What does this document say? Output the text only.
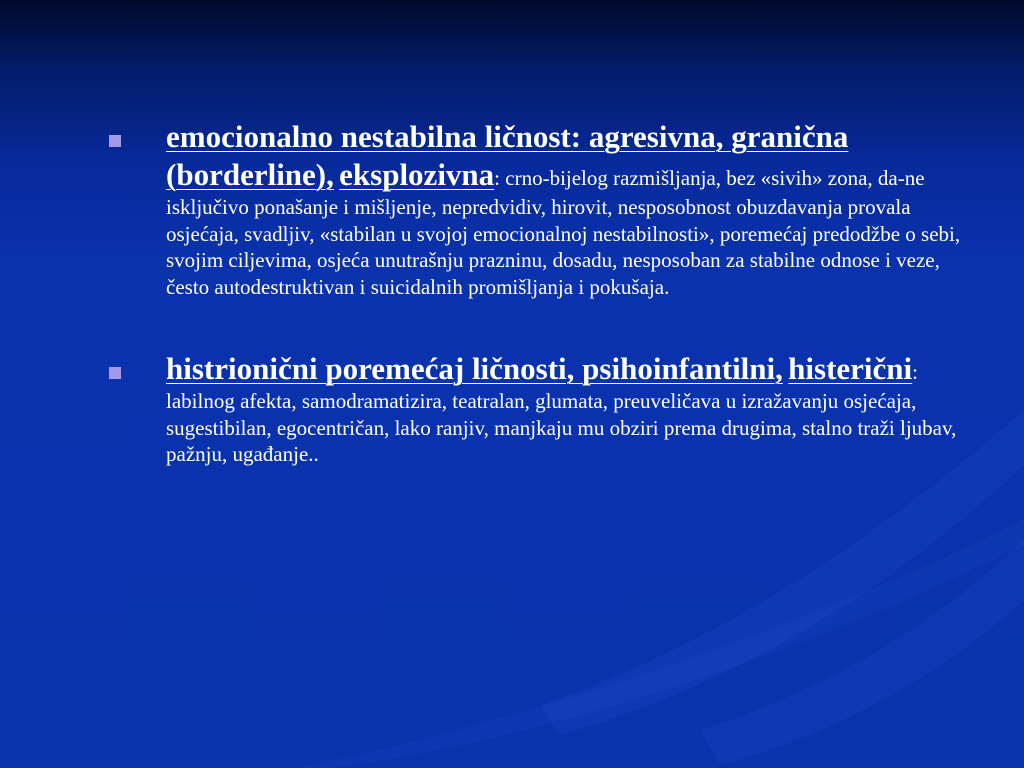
emocionalno nestabilna ličnost: agresivna, granična (borderline), eksplozivna: crno-bijelog razmišljanja, bez «sivih» zona, da-ne isključivo ponašanje i mišljenje, nepredvidiv, hirovit, nesposobnost obuzdavanja provala osjećaja, svadljiv, «stabilan u svojoj emocionalnoj nestabilnosti», poremećaj predodžbe o sebi, svojim ciljevima, osjeća unutrašnju prazninu, dosadu, nesposoban za stabilne odnose i veze, često autodestruktivan i suicidalnih promišljanja i pokušaja.

histrionični poremećaj ličnosti, psihoinfantilni, histerični: labilnog afekta, samodramatizira, teatralan, glumata, preuveličava u izražavanju osjećaja, sugestibilan, egocentričan, lako ranjiv, manjkaju mu obziri prema drugima, stalno traži ljubav, pažnju, ugađanje..
